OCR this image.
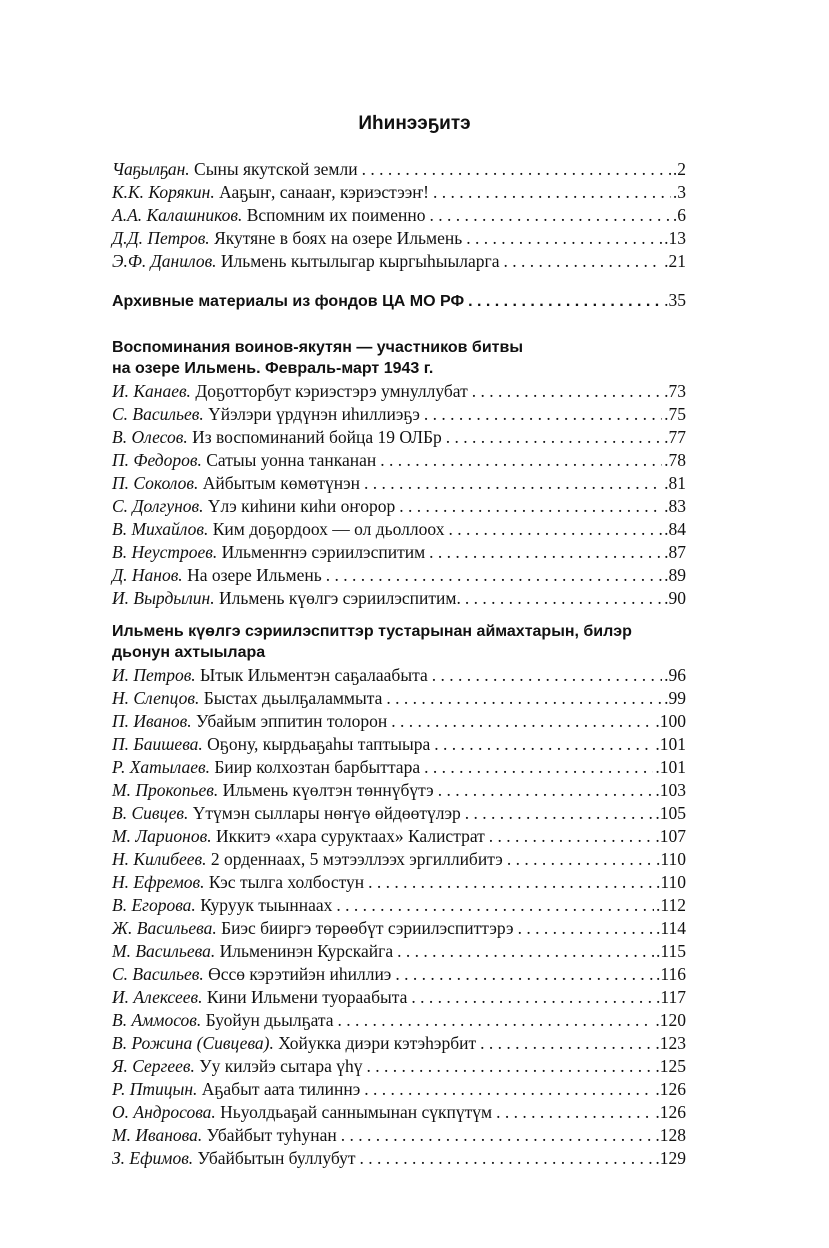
Иһинээҕитэ
Чаҕылҕан. Сыны якутской земли . . .	.2
К.К. Корякин. Ааҕыҥ, санааҥ, кэриэстээҥ! . . .	.3
А.А. Калашников. Вспомним их поименно . . .	.6
Д.Д. Петров. Якутяне в боях на озере Ильмень . . .	.13
Э.Ф. Данилов. Ильмень кытылыгар кыргыһыыларга . . .	.21
Архивные материалы из фондов ЦА МО РФ . . .	.35
Воспоминания воинов-якутян — участников битвы
на озере Ильмень. Февраль-март 1943 г.
И. Канаев. Доҕотторбут кэриэстэрэ умнуллубат . . .	.73
С. Васильев. Үйэлэри үрдүнэн иһиллиэҕэ . . .	.75
В. Олесов. Из воспоминаний бойца 19 ОЛБр . . .	.77
П. Федоров. Сатыы уонна танканан . . .	.78
П. Соколов. Айбытым көмөтүнэн . . .	.81
С. Долгунов. Үлэ киһини киһи оҥорор . . .	.83
В. Михайлов. Ким доҕордоох — ол дьоллоох . . .	.84
В. Неустроев. Ильменҥнэ сэриилэспитим . . .	.87
Д. Нанов. На озере Ильмень . . .	.89
И. Вырдылин. Ильмень күөлгэ сэриилэспитим. . . .	.90
Ильмень күөлгэ сэриилэспиттэр тустарынан аймахтарын, билэр
дьонун ахтыылара
И. Петров. Ытык Ильментэн саҕалаабыта . . .	.96
Н. Слепцов. Быстах дьылҕаламмыта . . .	.99
П. Иванов. Убайым эппитин толорон . . .	.100
П. Баишева. Оҕону, кырдьаҕаһы таптыыра . . .	.101
Р. Хатылаев. Биир колхозтан барбыттара . . .	.101
М. Прокопьев. Ильмень күөлтэн төннүбүтэ . . .	.103
В. Сивцев. Үтүмэн сыллары нөҥүө өйдөөтүлэр . . .	.105
М. Ларионов. Иккитэ «хара суруктаах» Калистрат . . .	.107
Н. Килибеев. 2 орденнаах, 5 мэтээллээх эргиллибитэ . . .	.110
Н. Ефремов. Кэс тылга холбостун . . .	.110
В. Егорова. Куруук тыыннаах . . .	.112
Ж. Васильева. Биэс бииргэ төрөөбүт сэриилэспиттэрэ . . .	.114
М. Васильева. Ильменинэн Курскайга . . .	.115
С. Васильев. Өссө кэрэтийэн иһиллиэ . . .	.116
И. Алексеев. Кини Ильмени туораабыта . . .	.117
В. Аммосов. Буойун дьылҕата . . .	.120
В. Рожина (Сивцева). Хойукка диэри кэтэһэрбит . . .	.123
Я. Сергеев. Уу килэйэ сытара үһү . . .	.125
Р. Птицын. Аҕабыт аата тилиннэ . . .	.126
О. Андросова. Ньуолдьаҕай саннымынан сүкпүтүм . . .	.126
М. Иванова. Убайбыт туһунан . . .	.128
З. Ефимов. Убайбытын буллубут . . .	.129
